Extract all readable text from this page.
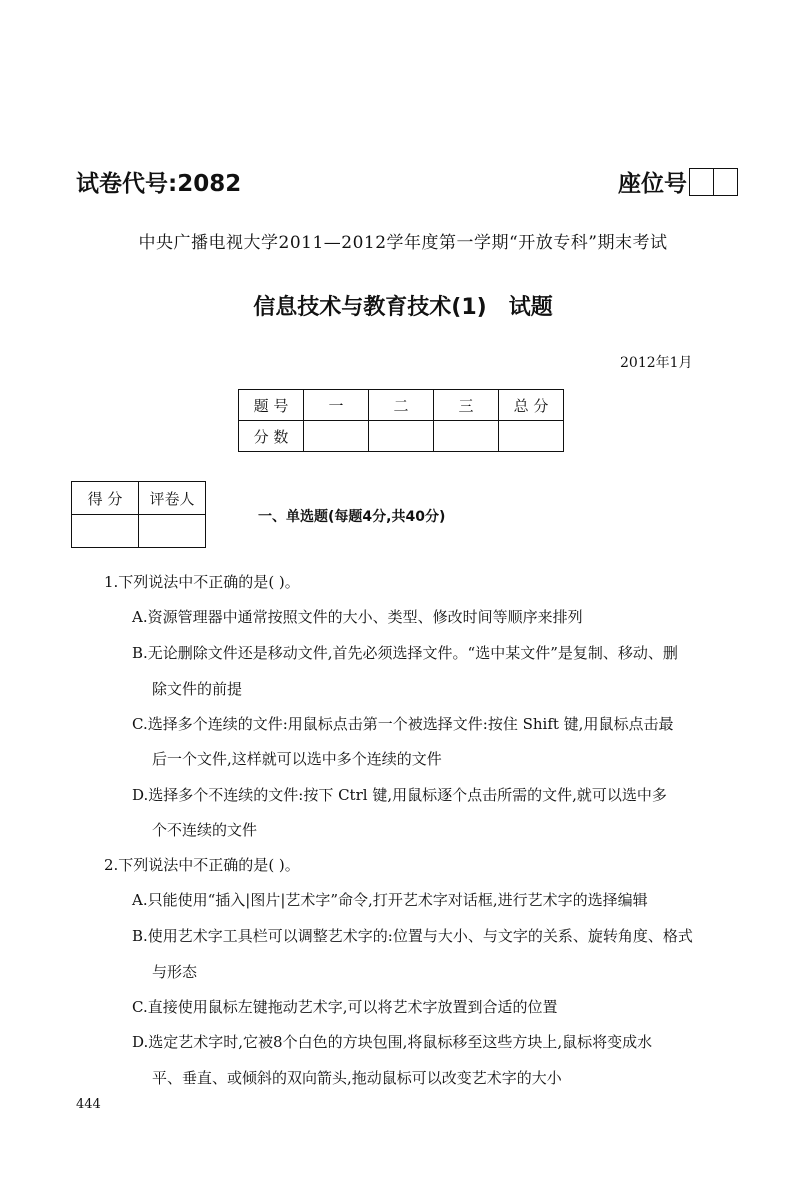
试卷代号:2082	座位号
中央广播电视大学2011—2012学年度第一学期“开放专科”期末考试
信息技术与教育技术(1) 试题
2012年1月
题 号	一	二	三	总 分
分 数				
得 分	评卷人

一、单选题(每题4分,共40分)
1.下列说法中不正确的是( )。
A.资源管理器中通常按照文件的大小、类型、修改时间等顺序来排列
B.无论删除文件还是移动文件,首先必须选择文件。“选中某文件”是复制、移动、删
除文件的前提
C.选择多个连续的文件:用鼠标点击第一个被选择文件:按住 Shift 键,用鼠标点击最
后一个文件,这样就可以选中多个连续的文件
D.选择多个不连续的文件:按下 Ctrl 键,用鼠标逐个点击所需的文件,就可以选中多
个不连续的文件
2.下列说法中不正确的是( )。
A.只能使用“插入|图片|艺术字”命令,打开艺术字对话框,进行艺术字的选择编辑
B.使用艺术字工具栏可以调整艺术字的:位置与大小、与文字的关系、旋转角度、格式
与形态
C.直接使用鼠标左键拖动艺术字,可以将艺术字放置到合适的位置
D.选定艺术字时,它被8个白色的方块包围,将鼠标移至这些方块上,鼠标将变成水
平、垂直、或倾斜的双向箭头,拖动鼠标可以改变艺术字的大小
444
